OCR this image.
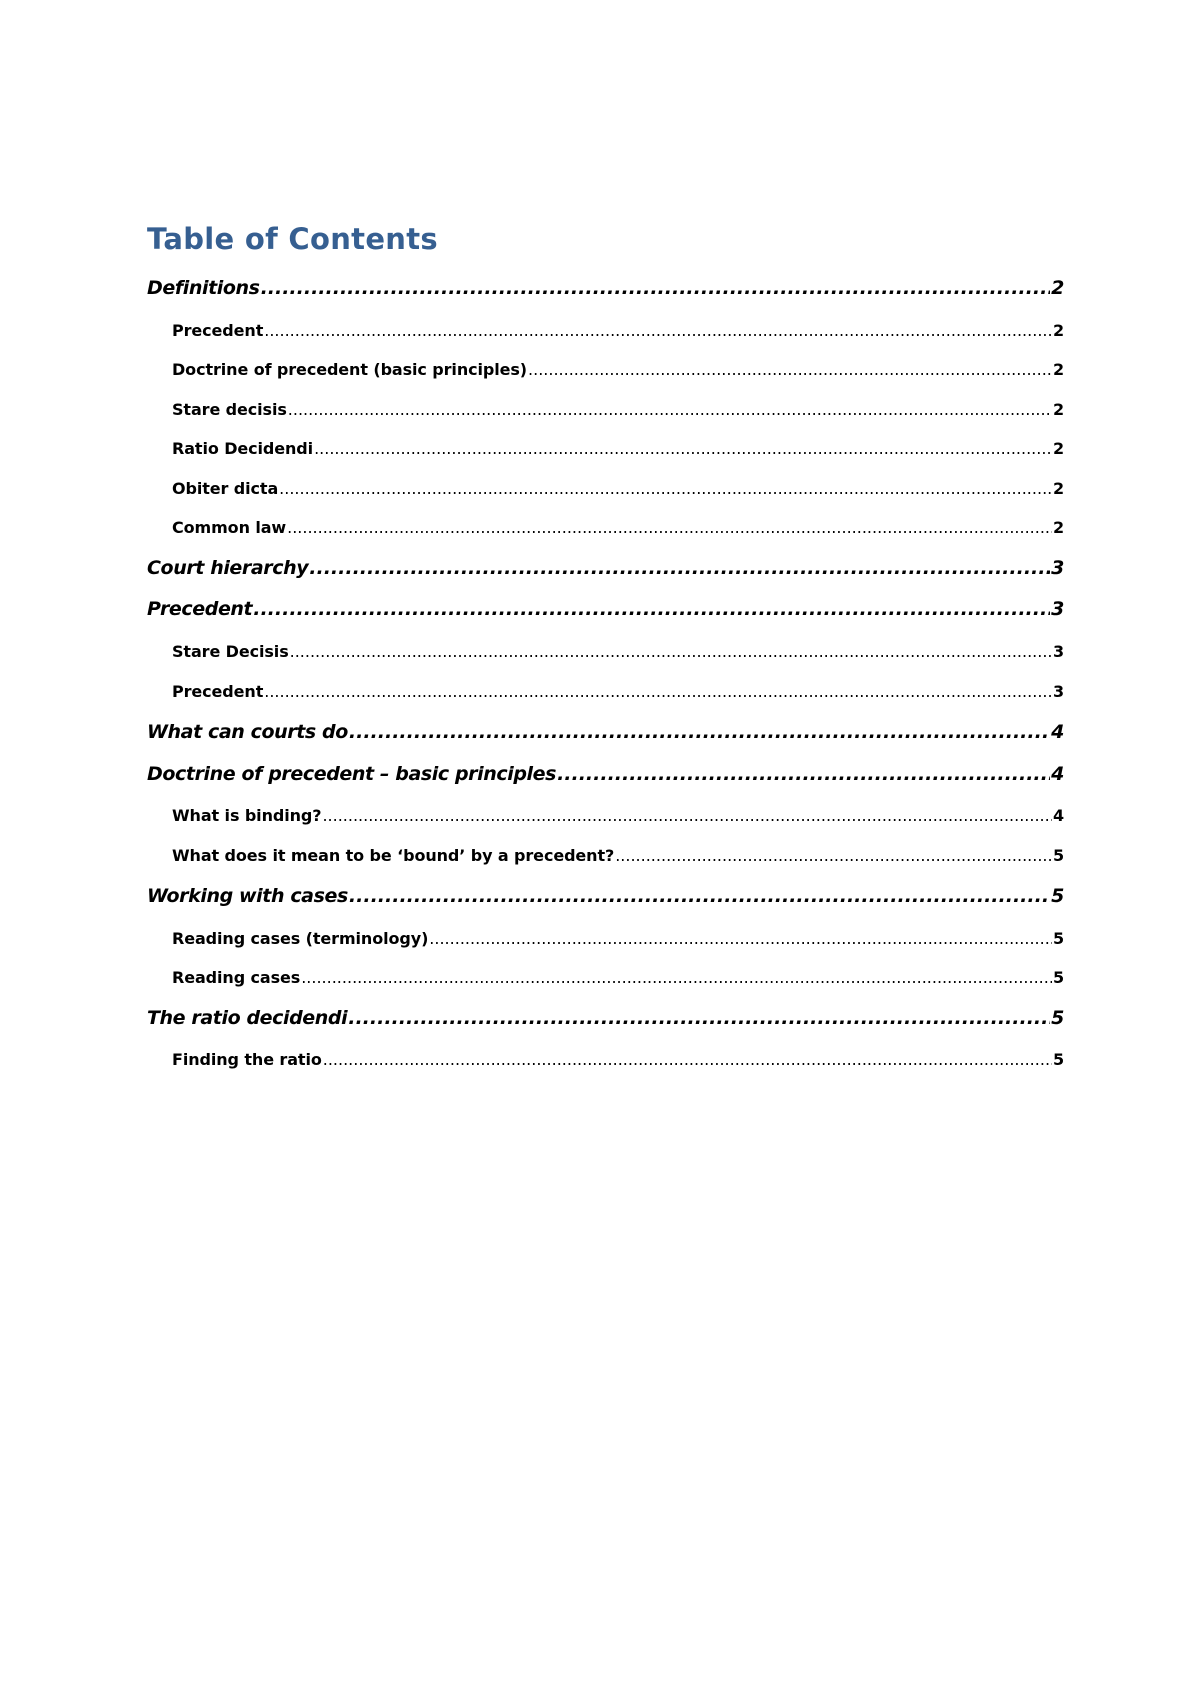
Table of Contents
Definitions .....	2
Precedent .....	2
Doctrine of precedent (basic principles) .....	2
Stare decisis .....	2
Ratio Decidendi .....	2
Obiter dicta .....	2
Common law .....	2
Court hierarchy .....	3
Precedent .....	3
Stare Decisis .....	3
Precedent .....	3
What can courts do .....	4
Doctrine of precedent – basic principles .....	4
What is binding? .....	4
What does it mean to be ‘bound’ by a precedent? .....	5
Working with cases .....	5
Reading cases (terminology) .....	5
Reading cases .....	5
The ratio decidendi .....	5
Finding the ratio .....	5
